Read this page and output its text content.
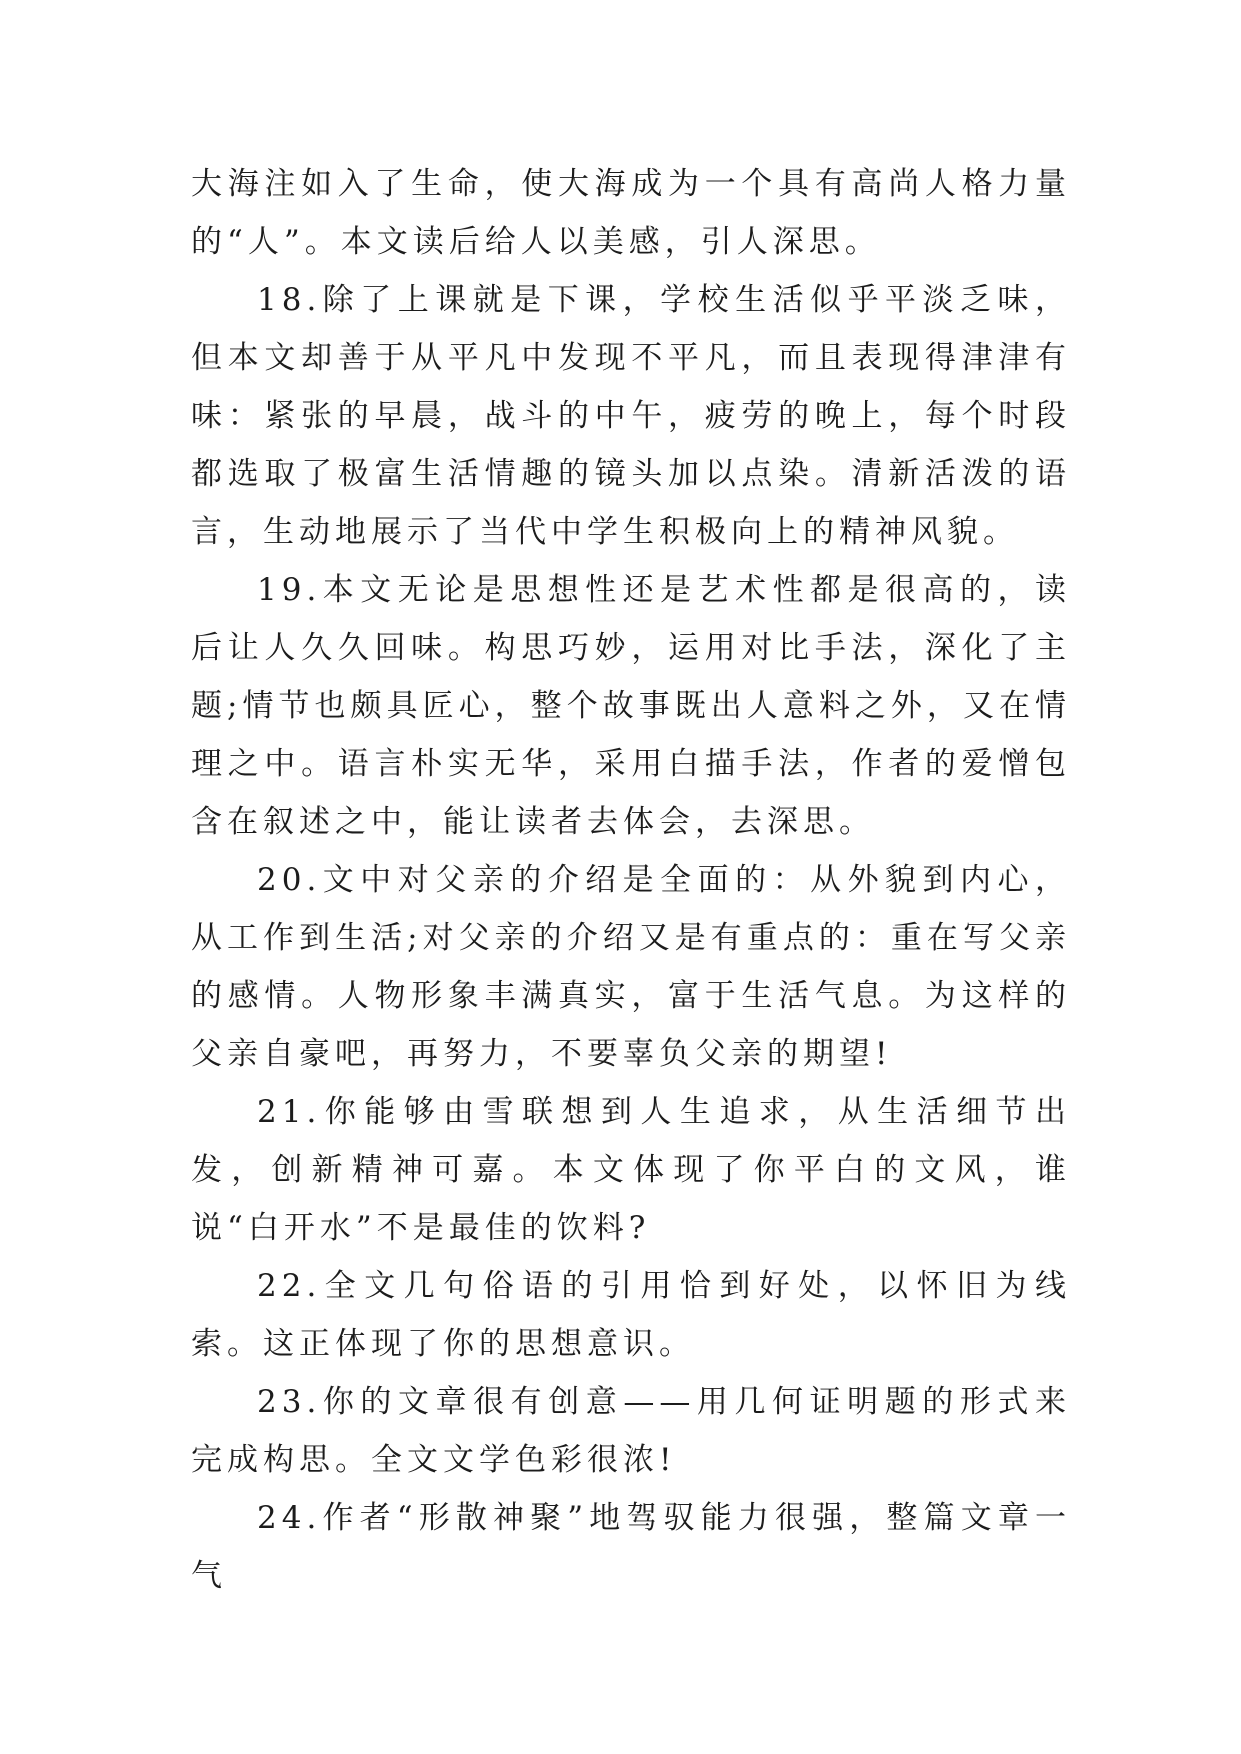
大海注如入了生命，使大海成为一个具有高尚人格力量的“人”。本文读后给人以美感，引人深思。

18.除了上课就是下课，学校生活似乎平淡乏味，但本文却善于从平凡中发现不平凡，而且表现得津津有味：紧张的早晨，战斗的中午，疲劳的晚上，每个时段都选取了极富生活情趣的镜头加以点染。清新活泼的语言，生动地展示了当代中学生积极向上的精神风貌。

19.本文无论是思想性还是艺术性都是很高的，读后让人久久回味。构思巧妙，运用对比手法，深化了主题;情节也颇具匠心，整个故事既出人意料之外，又在情理之中。语言朴实无华，采用白描手法，作者的爱憎包含在叙述之中，能让读者去体会，去深思。

20.文中对父亲的介绍是全面的：从外貌到内心，从工作到生活;对父亲的介绍又是有重点的：重在写父亲的感情。人物形象丰满真实，富于生活气息。为这样的父亲自豪吧，再努力，不要辜负父亲的期望!

21.你能够由雪联想到人生追求，从生活细节出发，创新精神可嘉。本文体现了你平白的文风，谁说“白开水”不是最佳的饮料?

22.全文几句俗语的引用恰到好处，以怀旧为线索。这正体现了你的思想意识。

23.你的文章很有创意——用几何证明题的形式来完成构思。全文文学色彩很浓!

24.作者“形散神聚”地驾驭能力很强，整篇文章一气
